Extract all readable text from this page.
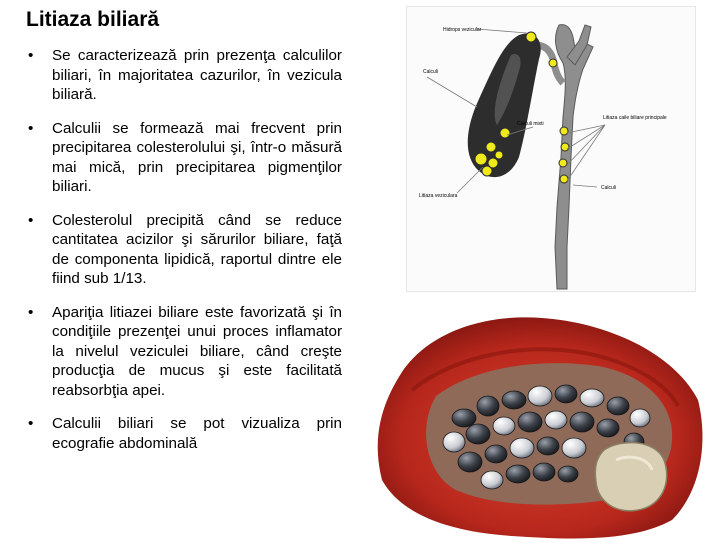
Litiaza biliară
• Se caracterizează prin prezenţa calculilor biliari, în majoritatea cazurilor, în vezicula biliară.
• Calculii se formează mai frecvent prin precipitarea colesterolului şi, într-o măsură mai mică, prin precipitarea pigmenţilor biliari.
• Colesterolul precipită când se reduce cantitatea acizilor şi sărurilor biliare, faţă de componenta lipidică, raportul dintre ele fiind sub 1/13.
• Apariţia litiazei biliare este favorizată şi în condiţiile prezenţei unui proces inflamator la nivelul veziculei biliare, când creşte producţia de mucus şi este facilitată reabsorbţia apei.
• Calculii biliari se pot vizualiza prin ecografie abdominală
Hidrops vezicular
Calculi
Calculi mixti
Litiaza caile biliare principale
Litiaza veziculara
Calculi
